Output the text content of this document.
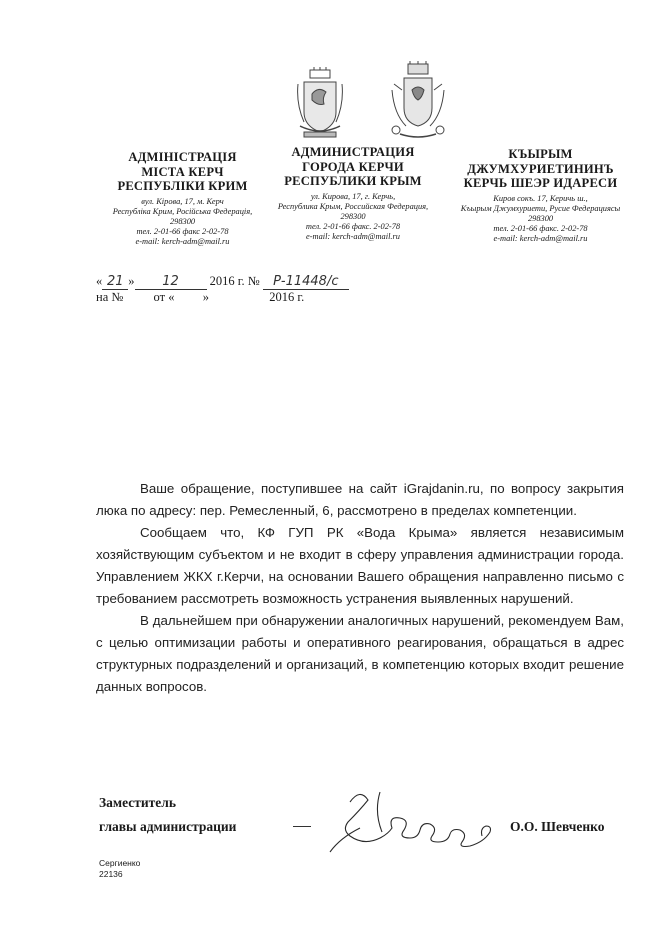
АДМІНІСТРАЦІЯ
МІСТА КЕРЧ
РЕСПУБЛІКИ КРИМ
вул. Кірова, 17, м. Керч
Республіка Крим, Російська Федерація,
298300
тел. 2-01-66 факс 2-02-78
e-mail: kerch-adm@mail.ru
АДМИНИСТРАЦИЯ
ГОРОДА КЕРЧИ
РЕСПУБЛИКИ КРЫМ
ул. Кирова, 17, г. Керчь,
Республика Крым, Российская Федерация,
298300
тел. 2-01-66 факс. 2-02-78
e-mail: kerch-adm@mail.ru
КЪЫРЫМ
ДЖУМХУРИЕТИНИНЪ
КЕРЧЬ ШЕЭР ИДАРЕСИ
Киров сокъ. 17, Керичь ш.,
Къырым Джумхуриети, Русие Федерацияcы
298300
тел. 2-01-66 факс. 2-02-78
e-mail: kerch-adm@mail.ru
« 21 » 12 2016 г. № Р-11448/с
на № от « »	2016 г.

Ваше обращение, поступившее на сайт iGrajdanin.ru, по вопросу закрытия люка по адресу: пер. Ремесленный, 6, рассмотрено в пределах компетенции.

Сообщаем что, КФ ГУП РК «Вода Крыма» является независимым хозяйствующим субъектом и не входит в сферу управления администрации города. Управлением ЖКХ г.Керчи, на основании Вашего обращения направленно письмо с требованием рассмотреть возможность устранения выявленных нарушений.

В дальнейшем при обнаружении аналогичных нарушений, рекомендуем Вам, с целью оптимизации работы и оперативного реагирования, обращаться в адрес структурных подразделений и организаций, в компетенцию которых входит решение данных вопросов.

Заместитель
главы администрации	О.О. Шевченко
Сергиенко
22136
